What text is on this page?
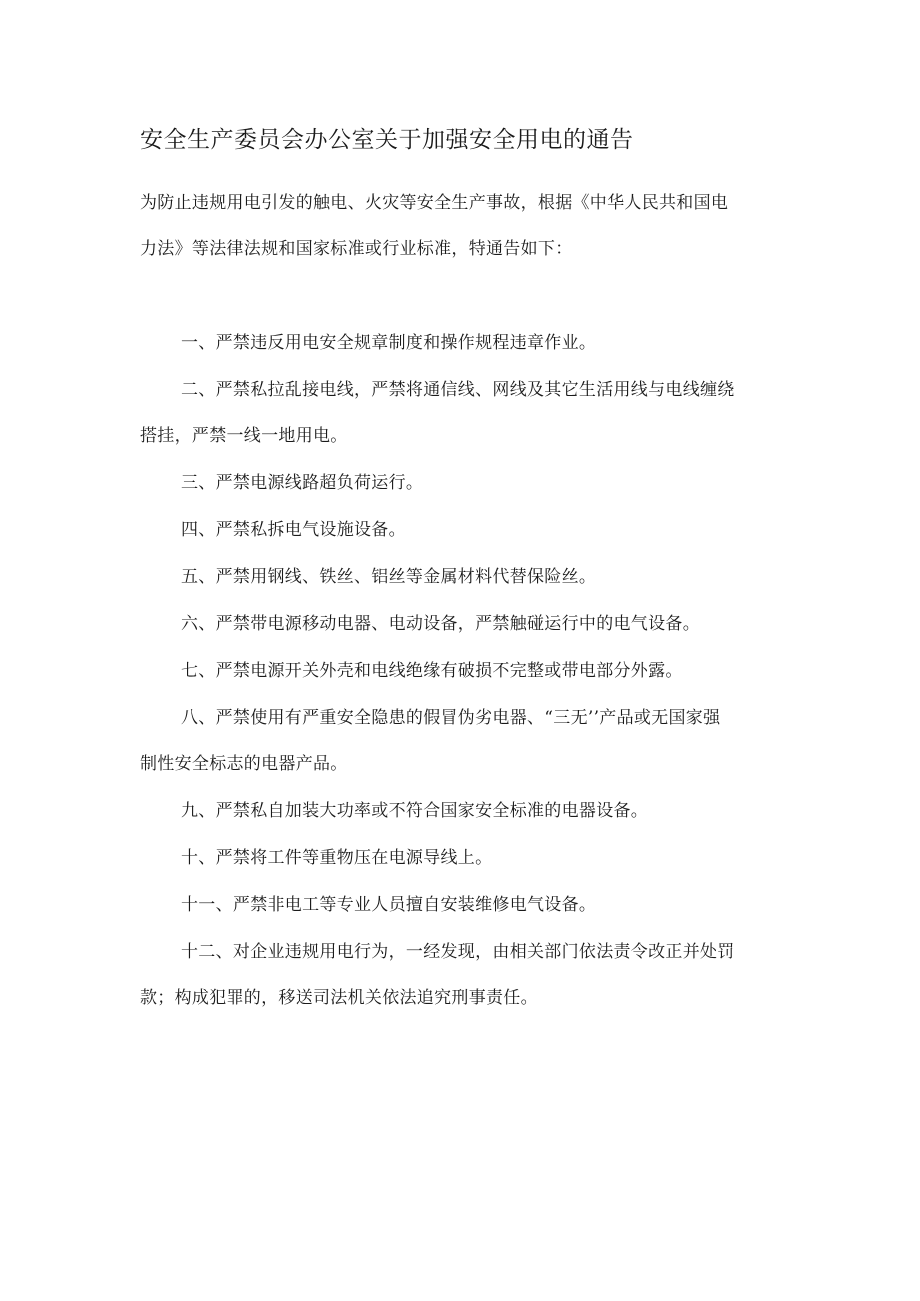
安全生产委员会办公室关于加强安全用电的通告

为防止违规用电引发的触电、火灾等安全生产事故，根据《中华人民共和国电

力法》等法律法规和国家标准或行业标准，特通告如下：

一、严禁违反用电安全规章制度和操作规程违章作业。
二、严禁私拉乱接电线，严禁将通信线、网线及其它生活用线与电线缠绕
搭挂，严禁一线一地用电。
三、严禁电源线路超负荷运行。
四、严禁私拆电气设施设备。
五、严禁用钢线、铁丝、铝丝等金属材料代替保险丝。
六、严禁带电源移动电器、电动设备，严禁触碰运行中的电气设备。
七、严禁电源开关外壳和电线绝缘有破损不完整或带电部分外露。
八、严禁使用有严重安全隐患的假冒伪劣电器、“三无’’产品或无国家强
制性安全标志的电器产品。
九、严禁私自加装大功率或不符合国家安全标准的电器设备。
十、严禁将工件等重物压在电源导线上。
十一、严禁非电工等专业人员擅自安装维修电气设备。
十二、对企业违规用电行为，一经发现，由相关部门依法责令改正并处罚
款；构成犯罪的，移送司法机关依法追究刑事责任。
